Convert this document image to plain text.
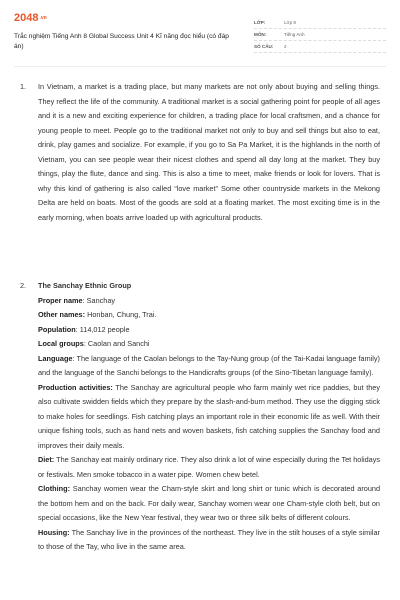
2048.vn
Trắc nghiệm Tiếng Anh 8 Global Success Unit 4 Kĩ năng đọc hiểu (có đáp án)
LỚP:	Lớp 8
MÔN:	Tiếng Anh
SỐ CÂU:	2
1. In Vietnam, a market is a trading place, but many markets are not only about buying and selling things. They reflect the life of the community. A traditional market is a social gathering point for people of all ages and it is a new and exciting experience for children, a trading place for local craftsmen, and a chance for young people to meet. People go to the traditional market not only to buy and sell things but also to eat, drink, play games and socialize. For example, if you go to Sa Pa Market, it is the highlands in the north of Vietnam, you can see people wear their nicest clothes and spend all day long at the market. They buy things, play the flute, dance and sing. This is also a time to meet, make friends or look for lovers. That is why this kind of gathering is also called “love market” Some other countryside markets in the Mekong Delta are held on boats. Most of the goods are sold at a floating market. The most exciting time is in the early morning, when boats arrive loaded up with agricultural products.
2. The Sanchay Ethnic Group
Proper name: Sanchay
Other names: Honban, Chung, Trai.
Population: 114,012 people
Local groups: Caolan and Sanchi
Language: The language of the Caolan belongs to the Tay-Nung group (of the Tai-Kadai language family) and the language of the Sanchi belongs to the Handicrafts groups (of the Sino-Tibetan language family).
Production activities: The Sanchay are agricultural people who farm mainly wet rice paddies, but they also cultivate swidden fields which they prepare by the slash-and-burn method. They use the digging stick to make holes for seedlings. Fish catching plays an important role in their economic life as well. With their unique fishing tools, such as hand nets and woven baskets, fish catching supplies the Sanchay food and improves their daily meals.
Diet: The Sanchay eat mainly ordinary rice. They also drink a lot of wine especially during the Tet holidays or festivals. Men smoke tobacco in a water pipe. Women chew betel.
Clothing: Sanchay women wear the Cham-style skirt and long shirt or tunic which is decorated around the bottom hem and on the back. For daily wear, Sanchay women wear one Cham-style cloth belt, but on special occasions, like the New Year festival, they wear two or three silk belts of different colours.
Housing: The Sanchay live in the provinces of the northeast. They live in the stilt houses of a style similar to those of the Tay, who live in the same area.
